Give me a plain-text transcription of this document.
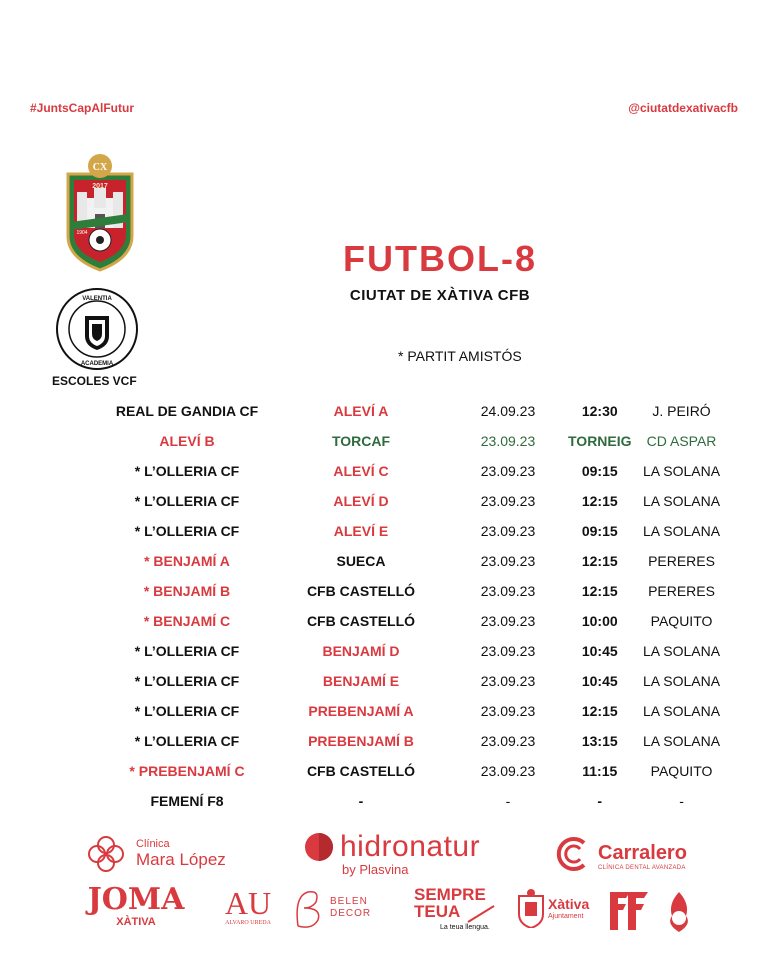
#JuntsCapAlFutur	@ciutatdexativacfb
CX
2017
1904
VALENTIA
ACADEMIA
ESCOLES VCF
FUTBOL-8
CIUTAT DE XÀTIVA CFB
* PARTIT AMISTÓS
REAL DE GANDIA CF	ALEVÍ A	24.09.23	12:30	J. PEIRÓ
ALEVÍ B	TORCAF	23.09.23	TORNEIG	CD ASPAR
* L’OLLERIA CF	ALEVÍ C	23.09.23	09:15	LA SOLANA
* L’OLLERIA CF	ALEVÍ D	23.09.23	12:15	LA SOLANA
* L’OLLERIA CF	ALEVÍ E	23.09.23	09:15	LA SOLANA
* BENJAMÍ A	SUECA	23.09.23	12:15	PERERES
* BENJAMÍ B	CFB CASTELLÓ	23.09.23	12:15	PERERES
* BENJAMÍ C	CFB CASTELLÓ	23.09.23	10:00	PAQUITO
* L’OLLERIA CF	BENJAMÍ D	23.09.23	10:45	LA SOLANA
* L’OLLERIA CF	BENJAMÍ E	23.09.23	10:45	LA SOLANA
* L’OLLERIA CF	PREBENJAMÍ A	23.09.23	12:15	LA SOLANA
* L’OLLERIA CF	PREBENJAMÍ B	23.09.23	13:15	LA SOLANA
* PREBENJAMÍ C	CFB CASTELLÓ	23.09.23	11:15	PAQUITO
FEMENÍ F8	-	-	-	-
Clínica
Mara López	hidronatur
by Plasvina
Carralero
CLÍNICA DENTAL AVANZADA
JOMA
XÀTIVA
AU
ALVARO UREDA
BELEN
DECOR
SEMPRE
TEUA
La teua llengua.
Xàtiva
Ajuntament
